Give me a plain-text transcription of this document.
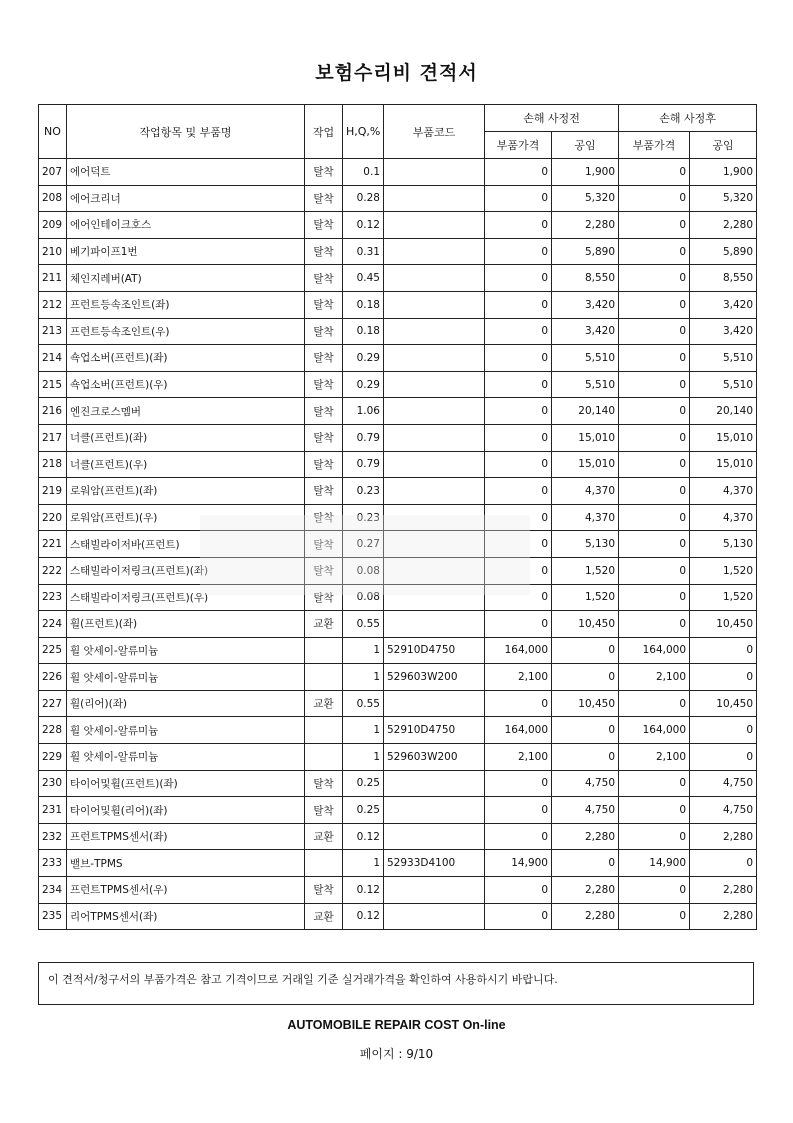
보험수리비 견적서
NO	작업항목 및 부품명	작업	H,Q,%	부품코드	손해 사정전		손해 사정후	
					부품가격	공임	부품가격	공임
207	에어덕트	탈착	0.1		0	1,900	0	1,900
208	에어크리너	탈착	0.28		0	5,320	0	5,320
209	에어인테이크호스	탈착	0.12		0	2,280	0	2,280
210	베기파이프1번	탈착	0.31		0	5,890	0	5,890
211	체인지레버(AT)	탈착	0.45		0	8,550	0	8,550
212	프런트등속조인트(좌)	탈착	0.18		0	3,420	0	3,420
213	프런트등속조인트(우)	탈착	0.18		0	3,420	0	3,420
214	쇽업소버(프런트)(좌)	탈착	0.29		0	5,510	0	5,510
215	쇽업소버(프런트)(우)	탈착	0.29		0	5,510	0	5,510
216	엔진크로스멤버	탈착	1.06		0	20,140	0	20,140
217	너클(프런트)(좌)	탈착	0.79		0	15,010	0	15,010
218	너클(프런트)(우)	탈착	0.79		0	15,010	0	15,010
219	로워암(프런트)(좌)	탈착	0.23		0	4,370	0	4,370
220	로워암(프런트)(우)	탈착	0.23		0	4,370	0	4,370
221	스태빌라이저바(프런트)	탈착	0.27		0	5,130	0	5,130
222	스태빌라이저링크(프런트)(좌)	탈착	0.08		0	1,520	0	1,520
223	스태빌라이저링크(프런트)(우)	탈착	0.08		0	1,520	0	1,520
224	휠(프런트)(좌)	교환	0.55		0	10,450	0	10,450
225	휠 앗세이-알류미늄		1	52910D4750	164,000	0	164,000	0
226	휠 앗세이-알류미늄		1	529603W200	2,100	0	2,100	0
227	휠(리어)(좌)	교환	0.55		0	10,450	0	10,450
228	휠 앗세이-알류미늄		1	52910D4750	164,000	0	164,000	0
229	휠 앗세이-알류미늄		1	529603W200	2,100	0	2,100	0
230	타이어및휠(프런트)(좌)	탈착	0.25		0	4,750	0	4,750
231	타이어및휠(리어)(좌)	탈착	0.25		0	4,750	0	4,750
232	프런트TPMS센서(좌)	교환	0.12		0	2,280	0	2,280
233	밸브-TPMS		1	52933D4100	14,900	0	14,900	0
234	프런트TPMS센서(우)	탈착	0.12		0	2,280	0	2,280
235	리어TPMS센서(좌)	교환	0.12		0	2,280	0	2,280
이 견적서/청구서의 부품가격은 참고 기격이므로 거래일 기준 실거래가격을 확인하여 사용하시기 바랍니다.
AUTOMOBILE REPAIR COST On-line
페이지 : 9/10
